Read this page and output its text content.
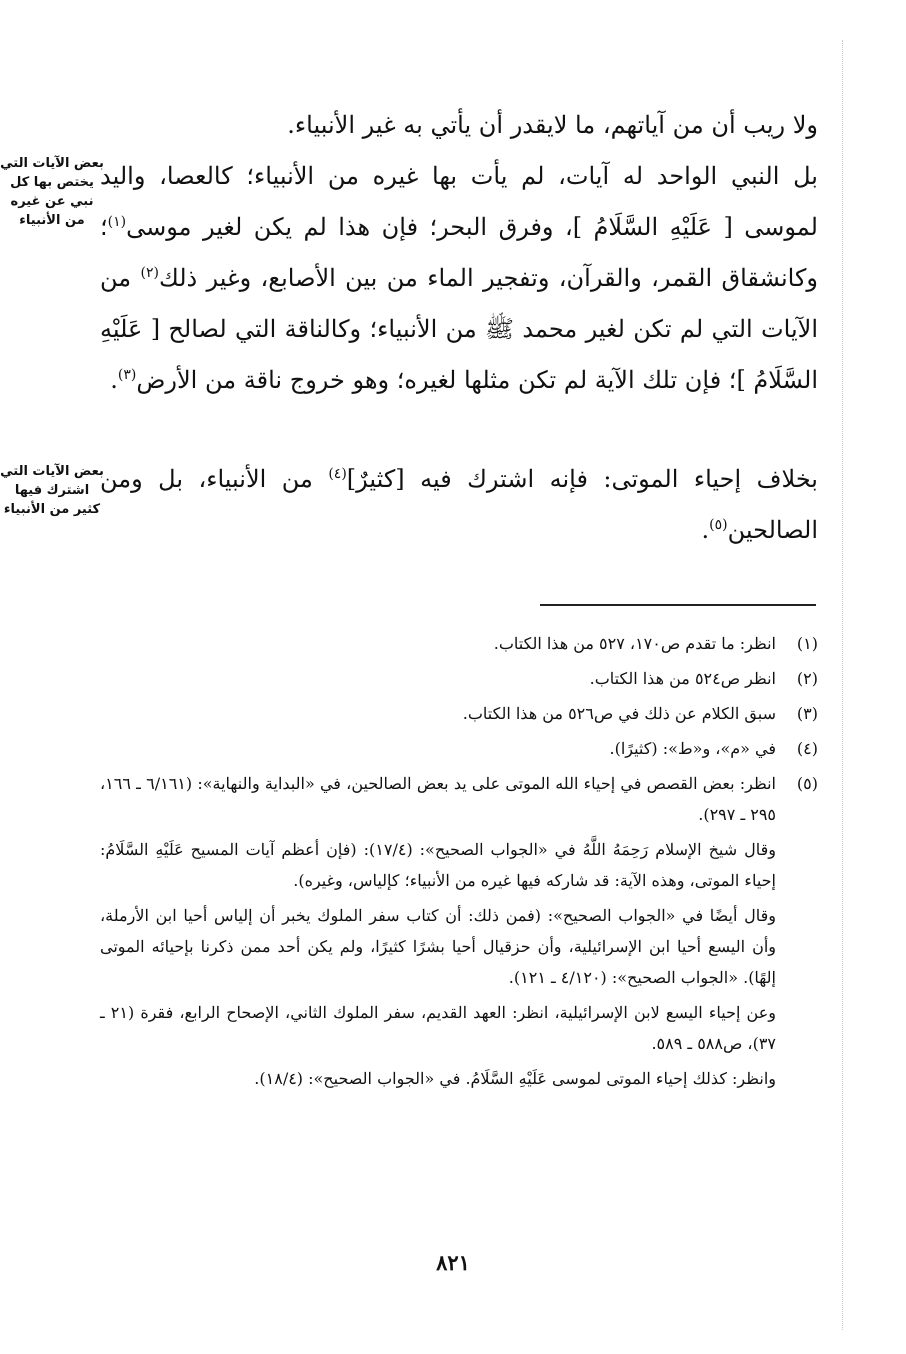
ولا ريب أن من آياتهم، ما لايقدر أن يأتي به غير الأنبياء.

بل النبي الواحد له آيات، لم يأت بها غيره من الأنبياء؛ كالعصا، واليد لموسى [ عَلَيْهِ السَّلَامُ ]، وفرق البحر؛ فإن هذا لم يكن لغير موسى$^{(١)}$؛ وكانشقاق القمر، والقرآن، وتفجير الماء من بين الأصابع، وغير ذلك$^{(٢)}$ من الآيات التي لم تكن لغير محمد ﷺ من الأنبياء؛ وكالناقة التي لصالح [ عَلَيْهِ السَّلَامُ ]؛ فإن تلك الآية لم تكن مثلها لغيره؛ وهو خروج ناقة من الأرض$^{(٣)}$.

بخلاف إحياء الموتى: فإنه اشترك فيه [كثيرٌ]$^{(٤)}$ من الأنبياء، بل ومن الصالحين$^{(٥)}$.

بعض الآيات التي يختص بها كل نبي عن غيره من الأنبياء
بعض الآيات التي اشترك فيها كثير من الأنبياء
(١)

انظر: ما تقدم ص١٧٠، ٥٢٧ من هذا الكتاب.

(٢)

انظر ص٥٢٤ من هذا الكتاب.

(٣)

سبق الكلام عن ذلك في ص٥٢٦ من هذا الكتاب.

(٤)

في «م»، و«ط»: (كثيرًا).

(٥)

انظر: بعض القصص في إحياء الله الموتى على يد بعض الصالحين، في «البداية والنهاية»: (٦/١٦١ ـ ١٦٦، ٢٩٥ ـ ٢٩٧).

وقال شيخ الإسلام رَحِمَهُ اللَّهُ في «الجواب الصحيح»: (١٧/٤): (فإن أعظم آيات المسيح عَلَيْهِ السَّلَامُ: إحياء الموتى، وهذه الآية: قد شاركه فيها غيره من الأنبياء؛ كإلياس، وغيره).

وقال أيضًا في «الجواب الصحيح»: (فمن ذلك: أن كتاب سفر الملوك يخبر أن إلياس أحيا ابن الأرملة، وأن اليسع أحيا ابن الإسرائيلية، وأن حزقيال أحيا بشرًا كثيرًا، ولم يكن أحد ممن ذكرنا بإحيائه الموتى إلهًا). «الجواب الصحيح»: (٤/١٢٠ ـ ١٢١).

وعن إحياء اليسع لابن الإسرائيلية، انظر: العهد القديم، سفر الملوك الثاني، الإصحاح الرابع، فقرة (٢١ ـ ٣٧)، ص٥٨٨ ـ ٥٨٩.

وانظر: كذلك إحياء الموتى لموسى عَلَيْهِ السَّلَامُ. في «الجواب الصحيح»: (١٨/٤).

٨٢١
